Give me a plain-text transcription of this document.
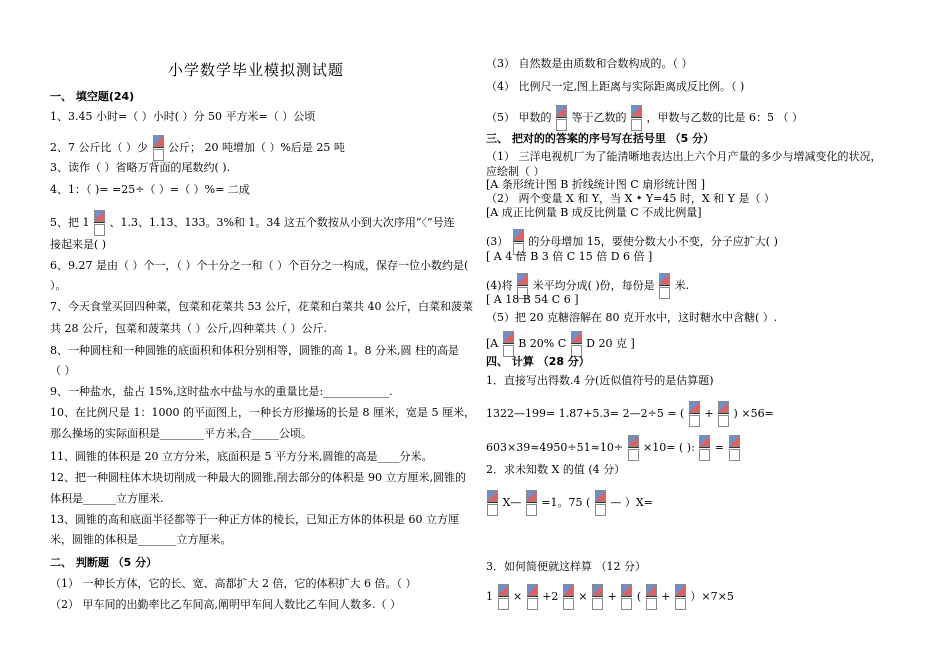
小学数学毕业模拟测试题
一、 填空题(24)
1、3.45 小时=（ ）小时( ）分 50 平方米=（ ）公顷
2、7 公斤比（ ）少
公斤； 20 吨增加（ ）%后是 25 吨
3、读作（ ）省略万背面的尾数约( ).
4、1：（ )= =25÷（ ）=（ ）%= 二成
5、把 1
、1.3、1.13、133。3%和 1。34 这五个数按从小到大次序用“〈”号连
接起来是( )
6、9.27 是由（ ）个一，（ ）个十分之一和（ ）个百分之一构成，保存一位小数约是(
）。
7、今天食堂买回四种菜，包菜和花菜共 53 公斤，花菜和白菜共 40 公斤，白菜和菠菜
共 28 公斤，包菜和菠菜共（ ）公斤,四种菜共（ ）公斤.
8、一种圆柱和一种圆锥的底面积和体积分别相等，圆锥的高 1。8 分米,圆 柱的高是
（ ）
9、一种盐水，盐占 15%,这时盐水中盐与水的重量比是:____________.
10、在比例尺是 1：1000 的平面图上，一种长方形操场的长是 8 厘米，宽是 5 厘米，
那么操场的实际面积是________平方米,合_____公顷。
11、圆锥的体积是 20 立方分米，底面积是 5 平方分米,圆锥的高是____分米。
12、把一种圆柱体木块切削成一种最大的圆锥,削去部分的体积是 90 立方厘米,圆锥的
体积是______立方厘米.
13、圆锥的高和底面半径都等于一种正方体的棱长，已知正方体的体积是 60 立方厘
米，圆锥的体积是_______立方厘米。
二、 判断题 （5 分）
（1） 一种长方体，它的长、宽、高都扩大 2 倍，它的体积扩大 6 倍。（ ）
（2） 甲车间的出勤率比乙车间高,阐明甲车间人数比乙车间人数多.（ ）
（3） 自然数是由质数和合数构成的。（ ）
（4） 比例尺一定,图上距离与实际距离成反比例。（ )
（5） 甲数的
等于乙数的
，甲数与乙数的比是 6：5 （ ）
三、 把对的的答案的序号写在括号里 （5 分）
（1） 三洋电视机厂为了能清晰地表达出上六个月产量的多少与增减变化的状况，
应绘制（ ）
[A 条形统计图 B 折线统计图 C 扇形统计图 ]
（2） 两个变量 X 和 Y，当 X • Y=45 时，X 和 Y 是（ ）
[A 成正比例量 B 成反比例量 C 不成比例量]
(3）
的分母增加 15，要使分数大小不变，分子应扩大( )
[ A 4 倍 B 3 倍 C 15 倍 D 6 倍 ]
(4)将
米平均分成( )份，每份是
米.
[ A 18 B 54 C 6 ]
（5）把 20 克糖溶解在 80 克开水中，这时糖水中含糖( ）.
[A
B 20% C
D 20 克 ]
四、 计算 （28 分）
1．直接写出得数.4 分(近似值符号的是估算题)
1322—199= 1.87+5.3= 2—2÷5 = (
+
) ×56=
603×39≈4950÷51≈10÷
×10= ( ):
=
2．求未知数 X 的值 (4 分）
X—
=1。75 (
— ）X=
3．如何简便就这样算 （12 分）
1
×
+2
×
+
(
+
）×7×5
